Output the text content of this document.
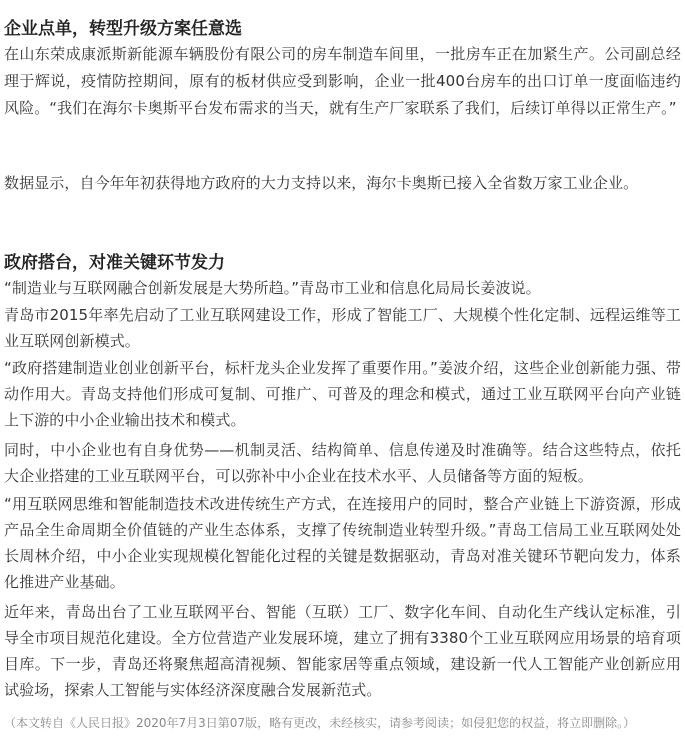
企业点单，转型升级方案任意选

在山东荣成康派斯新能源车辆股份有限公司的房车制造车间里，一批房车正在加紧生产。公司副总经理于辉说，疫情防控期间，原有的板材供应受到影响，企业一批400台房车的出口订单一度面临违约风险。“我们在海尔卡奥斯平台发布需求的当天，就有生产厂家联系了我们，后续订单得以正常生产。”

数据显示，自今年年初获得地方政府的大力支持以来，海尔卡奥斯已接入全省数万家工业企业。

政府搭台，对准关键环节发力

“制造业与互联网融合创新发展是大势所趋。”青岛市工业和信息化局局长姜波说。

青岛市2015年率先启动了工业互联网建设工作，形成了智能工厂、大规模个性化定制、远程运维等工业互联网创新模式。

“政府搭建制造业创业创新平台，标杆龙头企业发挥了重要作用。”姜波介绍，这些企业创新能力强、带动作用大。青岛支持他们形成可复制、可推广、可普及的理念和模式，通过工业互联网平台向产业链上下游的中小企业输出技术和模式。

同时，中小企业也有自身优势——机制灵活、结构简单、信息传递及时准确等。结合这些特点，依托大企业搭建的工业互联网平台，可以弥补中小企业在技术水平、人员储备等方面的短板。

“用互联网思维和智能制造技术改进传统生产方式，在连接用户的同时，整合产业链上下游资源，形成产品全生命周期全价值链的产业生态体系，支撑了传统制造业转型升级。”青岛工信局工业互联网处处长周林介绍，中小企业实现规模化智能化过程的关键是数据驱动，青岛对准关键环节靶向发力，体系化推进产业基础。

近年来，青岛出台了工业互联网平台、智能（互联）工厂、数字化车间、自动化生产线认定标准，引导全市项目规范化建设。全方位营造产业发展环境，建立了拥有3380个工业互联网应用场景的培育项目库。下一步，青岛还将聚焦超高清视频、智能家居等重点领域，建设新一代人工智能产业创新应用试验场，探索人工智能与实体经济深度融合发展新范式。

（本文转自《人民日报》2020年7月3日第07版，略有更改，未经核实，请参考阅读；如侵犯您的权益，将立即删除。）
